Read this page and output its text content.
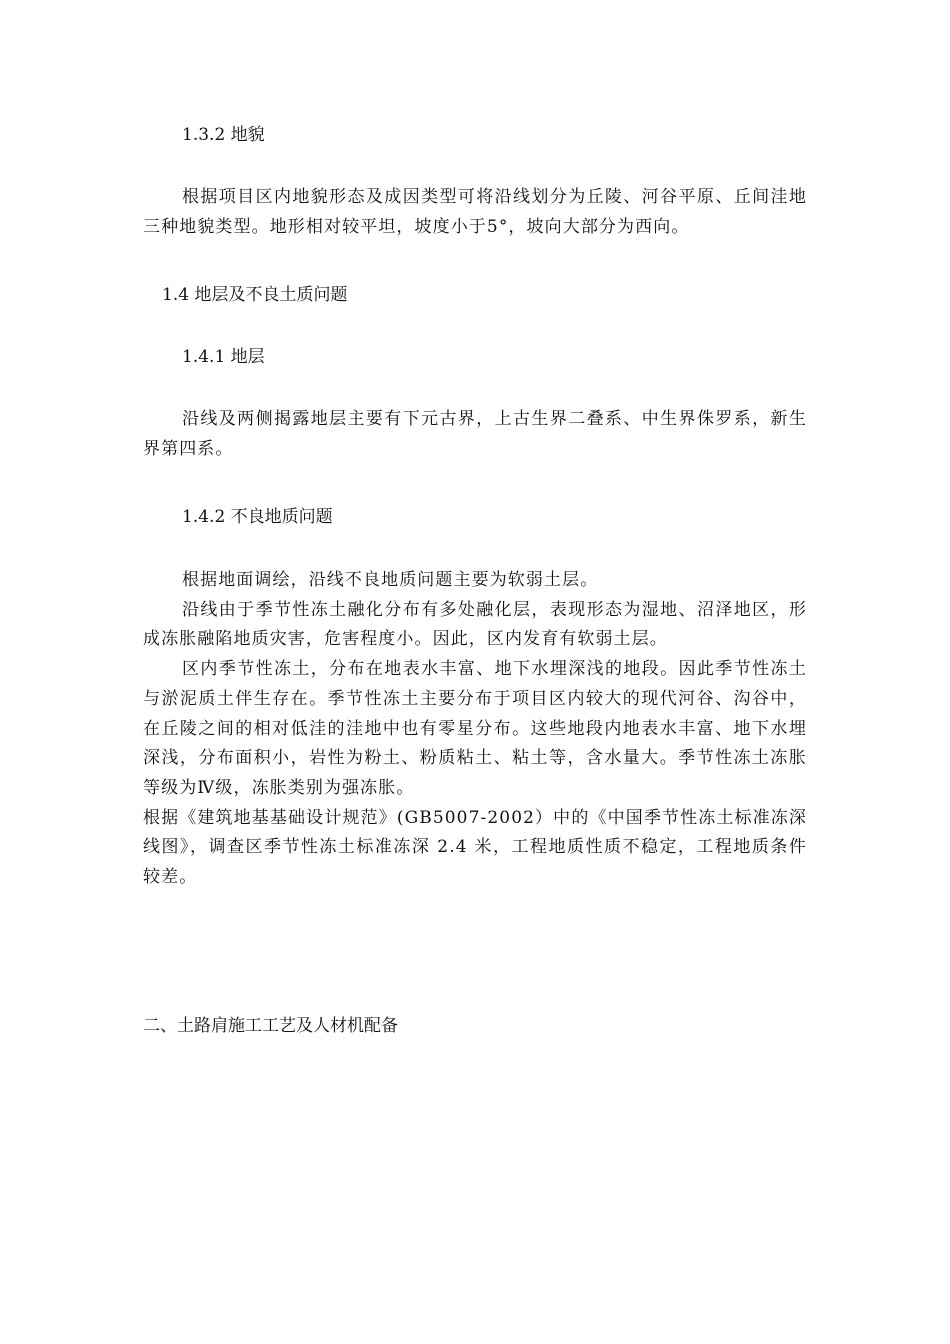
1.3.2 地貌

根据项目区内地貌形态及成因类型可将沿线划分为丘陵、河谷平原、丘间洼地三种地貌类型。地形相对较平坦，坡度小于5°，坡向大部分为西向。

1.4 地层及不良土质问题
1.4.1 地层

沿线及两侧揭露地层主要有下元古界，上古生界二叠系、中生界侏罗系，新生界第四系。

1.4.2 不良地质问题

根据地面调绘，沿线不良地质问题主要为软弱土层。

沿线由于季节性冻土融化分布有多处融化层，表现形态为湿地、沼泽地区，形成冻胀融陷地质灾害，危害程度小。因此，区内发育有软弱土层。

区内季节性冻土，分布在地表水丰富、地下水埋深浅的地段。因此季节性冻土与淤泥质土伴生存在。季节性冻土主要分布于项目区内较大的现代河谷、沟谷中，在丘陵之间的相对低洼的洼地中也有零星分布。这些地段内地表水丰富、地下水埋深浅，分布面积小，岩性为粉土、粉质粘土、粘土等，含水量大。季节性冻土冻胀等级为Ⅳ级，冻胀类别为强冻胀。

根据《建筑地基基础设计规范》(GB5007-2002）中的《中国季节性冻土标准冻深线图》，调查区季节性冻土标准冻深 2.4 米，工程地质性质不稳定，工程地质条件较差。

二、土路肩施工工艺及人材机配备
